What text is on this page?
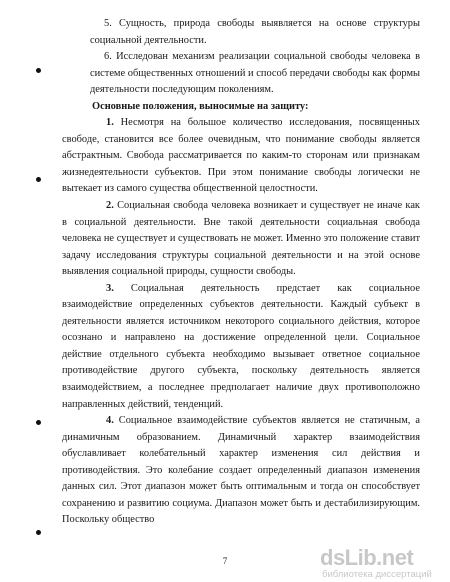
5. Сущность, природа свободы выявляется на основе структуры социальной деятельности.

6. Исследован механизм реализации социальной свободы человека в системе общественных отношений и способ передачи свободы как формы деятельности последующим поколениям.

Основные положения, выносимые на защиту:

1. Несмотря на большое количество исследования, посвященных свободе, становится все более очевидным, что понимание свободы является абстрактным. Свобода рассматривается по каким-то сторонам или признакам жизнедеятельности субъектов. При этом понимание свободы логически не вытекает из самого существа общественной целостности.

2. Социальная свобода человека возникает и существует не иначе как в социальной деятельности. Вне такой деятельности социальная свобода человека не существует и существовать не может. Именно это положение ставит задачу исследования структуры социальной деятельности и на этой основе выявления социальной природы, сущности свободы.

3. Социальная деятельность предстает как социальное взаимодействие определенных субъектов деятельности. Каждый субъект в деятельности является источником некоторого социального действия, которое осознано и направлено на достижение определенной цели. Социальное действие отдельного субъекта необходимо вызывает ответное социальное противодействие другого субъекта, поскольку деятельность является взаимодействием, а последнее предполагает наличие двух противоположно направленных действий, тенденций.

4. Социальное взаимодействие субъектов является не статичным, а динамичным образованием. Динамичный характер взаимодействия обуславливает колебательный характер изменения сил действия и противодействия. Это колебание создает определенный диапазон изменения данных сил. Этот диапазон может быть оптимальным и тогда он способствует сохранению и развитию социума. Диапазон может быть и дестабилизирующим. Поскольку общество

7	dsLib.net
библиотека диссертаций
